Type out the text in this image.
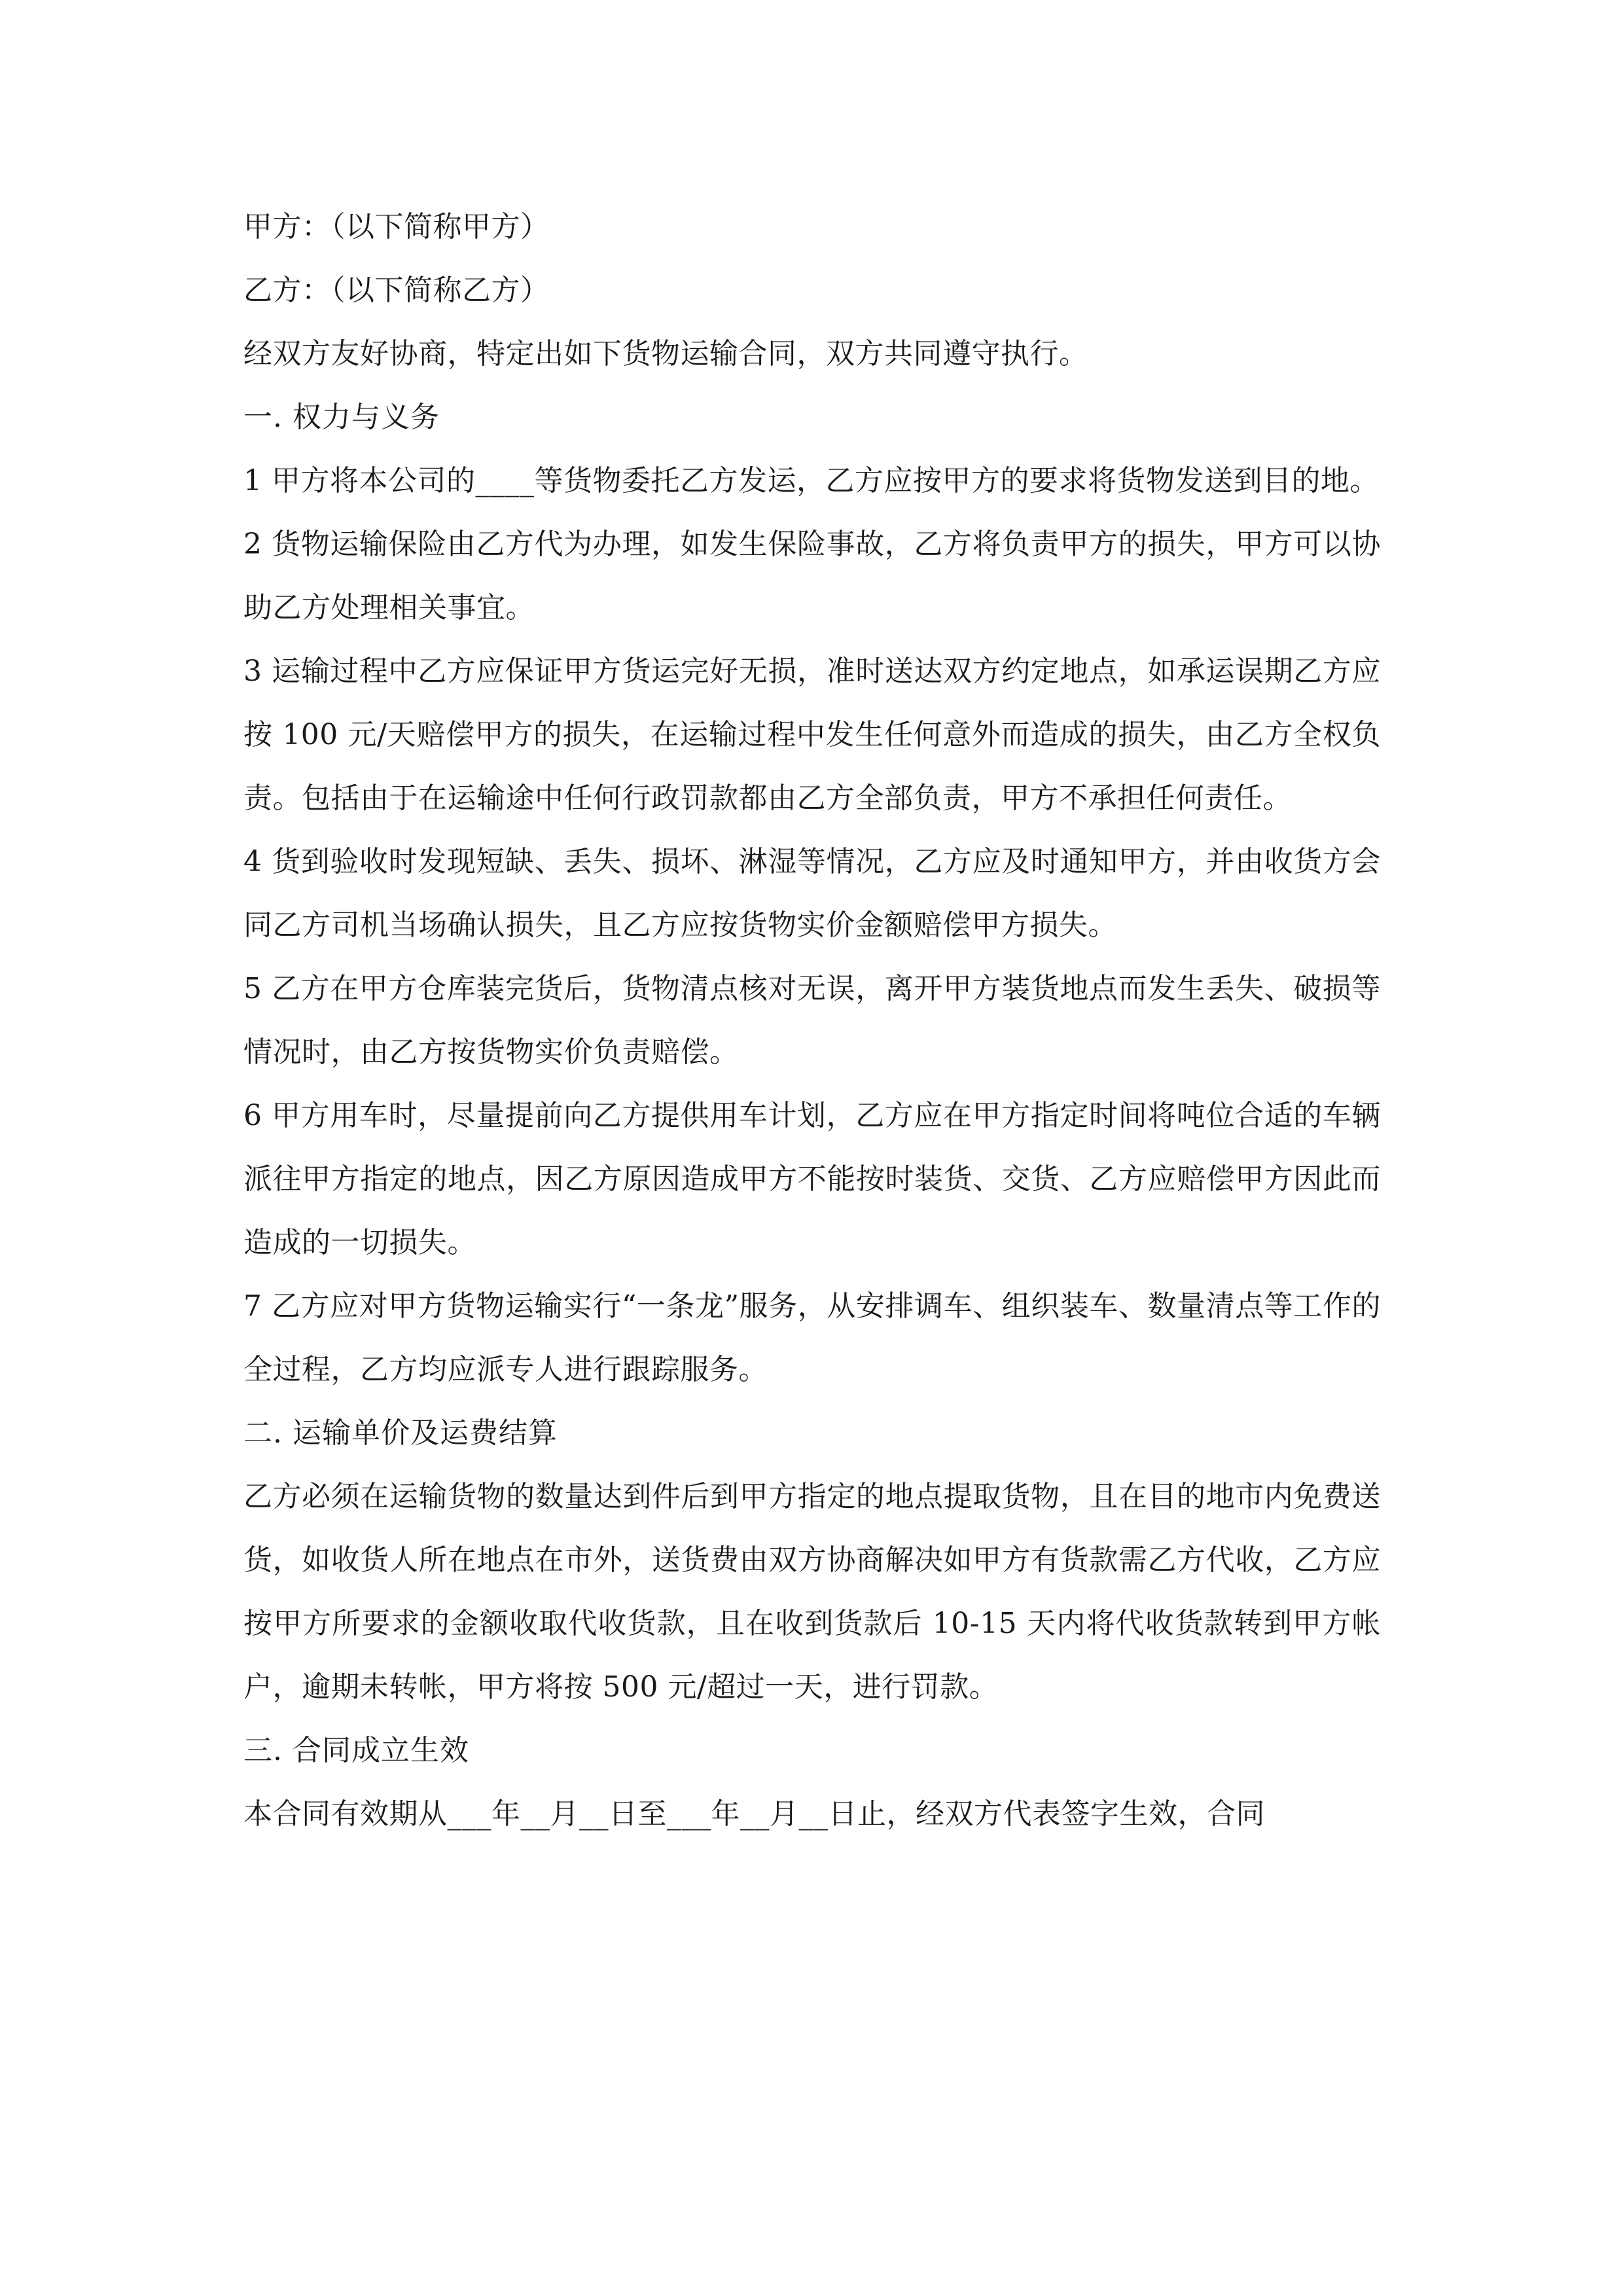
甲方：（以下简称甲方）

乙方：（以下简称乙方）

经双方友好协商，特定出如下货物运输合同，双方共同遵守执行。

一. 权力与义务

1 甲方将本公司的____等货物委托乙方发运，乙方应按甲方的要求将货物发送到目的地。

2 货物运输保险由乙方代为办理，如发生保险事故，乙方将负责甲方的损失，甲方可以协助乙方处理相关事宜。

3 运输过程中乙方应保证甲方货运完好无损，准时送达双方约定地点，如承运误期乙方应按 100 元/天赔偿甲方的损失，在运输过程中发生任何意外而造成的损失，由乙方全权负责。包括由于在运输途中任何行政罚款都由乙方全部负责，甲方不承担任何责任。

4 货到验收时发现短缺、丢失、损坏、淋湿等情况，乙方应及时通知甲方，并由收货方会同乙方司机当场确认损失，且乙方应按货物实价金额赔偿甲方损失。

5 乙方在甲方仓库装完货后，货物清点核对无误，离开甲方装货地点而发生丢失、破损等情况时，由乙方按货物实价负责赔偿。

6 甲方用车时，尽量提前向乙方提供用车计划，乙方应在甲方指定时间将吨位合适的车辆派往甲方指定的地点，因乙方原因造成甲方不能按时装货、交货、乙方应赔偿甲方因此而造成的一切损失。

7 乙方应对甲方货物运输实行“一条龙”服务，从安排调车、组织装车、数量清点等工作的全过程，乙方均应派专人进行跟踪服务。

二. 运输单价及运费结算

乙方必须在运输货物的数量达到件后到甲方指定的地点提取货物，且在目的地市内免费送货，如收货人所在地点在市外，送货费由双方协商解决如甲方有货款需乙方代收，乙方应按甲方所要求的金额收取代收货款，且在收到货款后 10-15 天内将代收货款转到甲方帐户，逾期未转帐，甲方将按 500 元/超过一天，进行罚款。

三. 合同成立生效

本合同有效期从___年__月__日至___年__月__日止，经双方代表签字生效，合同
